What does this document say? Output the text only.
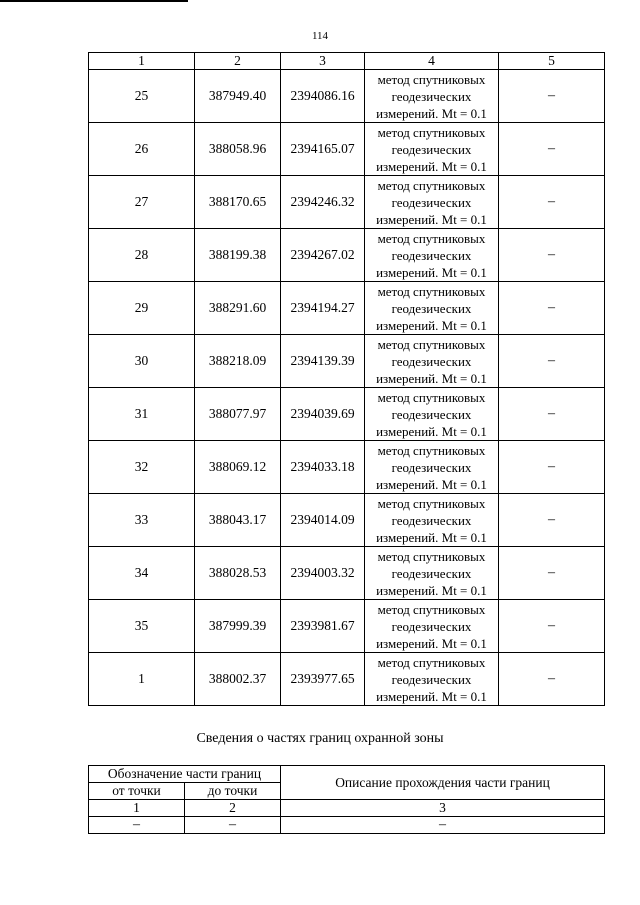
114
1	2	3	4	5
25	387949.40	2394086.16	метод спутниковых
геодезических
измерений. Mt = 0.1	–
26	388058.96	2394165.07	метод спутниковых
геодезических
измерений. Mt = 0.1	–
27	388170.65	2394246.32	метод спутниковых
геодезических
измерений. Mt = 0.1	–
28	388199.38	2394267.02	метод спутниковых
геодезических
измерений. Mt = 0.1	–
29	388291.60	2394194.27	метод спутниковых
геодезических
измерений. Mt = 0.1	–
30	388218.09	2394139.39	метод спутниковых
геодезических
измерений. Mt = 0.1	–
31	388077.97	2394039.69	метод спутниковых
геодезических
измерений. Mt = 0.1	–
32	388069.12	2394033.18	метод спутниковых
геодезических
измерений. Mt = 0.1	–
33	388043.17	2394014.09	метод спутниковых
геодезических
измерений. Mt = 0.1	–
34	388028.53	2394003.32	метод спутниковых
геодезических
измерений. Mt = 0.1	–
35	387999.39	2393981.67	метод спутниковых
геодезических
измерений. Mt = 0.1	–
1	388002.37	2393977.65	метод спутниковых
геодезических
измерений. Mt = 0.1	–
Сведения о частях границ охранной зоны
Обозначение части границ		Описание прохождения части границ
от точки	до точки	
1	2	3
–	–	–
